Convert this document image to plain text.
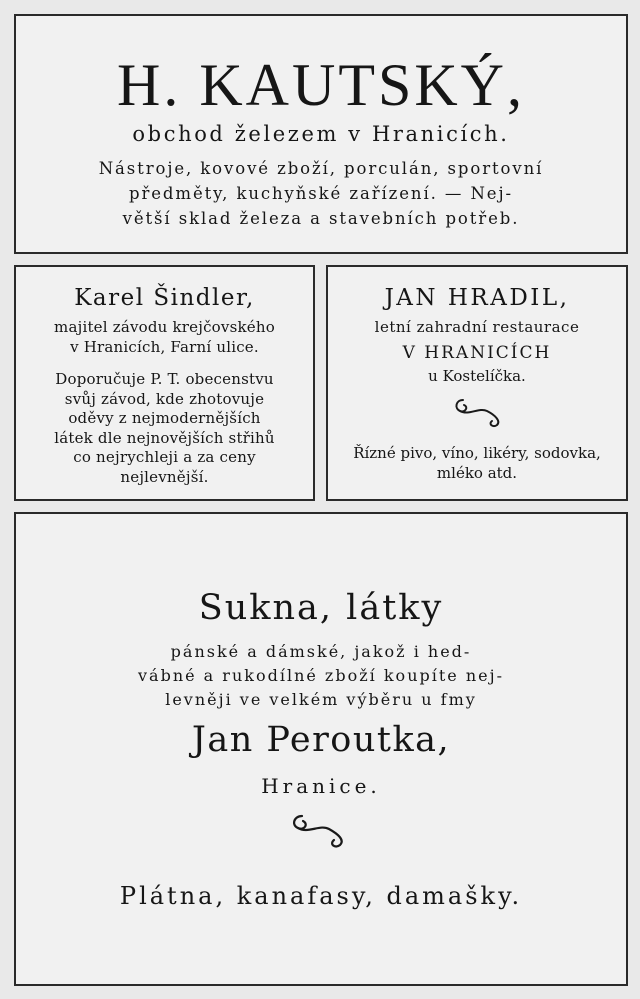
H. KAUTSKÝ,
obchod železem v Hranicích.
Nástroje, kovové zboží, porculán, sportovní
předměty, kuchyňské zařízení. — Nej-
větší sklad železa a stavebních potřeb.
Karel Šindler,
majitel závodu krejčovského
v Hranicích, Farní ulice.
Doporučuje P. T. obecenstvu
svůj závod, kde zhotovuje
oděvy z nejmodernějších
látek dle nejnovějších střihů
co nejrychleji a za ceny
nejlevnější.
JAN HRADIL,
letní zahradní restaurace
V HRANICÍCH
u Kostelíčka.
Řízné pivo, víno, likéry, sodovka,
mléko atd.
Sukna, látky
pánské a dámské, jakož i hed-
vábné a rukodílné zboží koupíte nej-
levněji ve velkém výběru u fmy
Jan Peroutka,
Hranice.
Plátna, kanafasy, damašky.
